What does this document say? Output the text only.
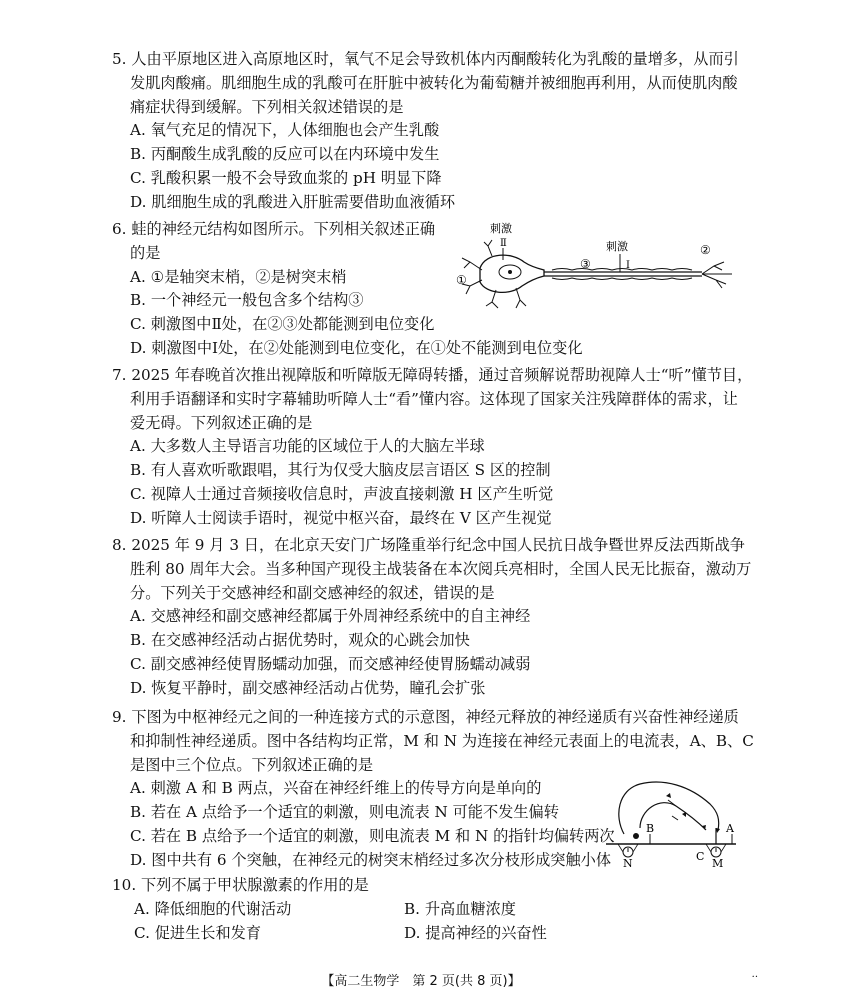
5. 人由平原地区进入高原地区时，氧气不足会导致机体内丙酮酸转化为乳酸的量增多，从而引
发肌肉酸痛。肌细胞生成的乳酸可在肝脏中被转化为葡萄糖并被细胞再利用，从而使肌肉酸
痛症状得到缓解。下列相关叙述错误的是
A. 氧气充足的情况下，人体细胞也会产生乳酸
B. 丙酮酸生成乳酸的反应可以在内环境中发生
C. 乳酸积累一般不会导致血浆的 pH 明显下降
D. 肌细胞生成的乳酸进入肝脏需要借助血液循环
6. 蛙的神经元结构如图所示。下列相关叙述正确
的是
A. ①是轴突末梢，②是树突末梢
B. 一个神经元一般包含多个结构③
C. 刺激图中Ⅱ处，在②③处都能测到电位变化
D. 刺激图中Ⅰ处，在②处能测到电位变化，在①处不能测到电位变化
刺激
Ⅱ	刺激
Ⅰ
①
③
②
7. 2025 年春晚首次推出视障版和听障版无障碍转播，通过音频解说帮助视障人士“听”懂节目，
利用手语翻译和实时字幕辅助听障人士“看”懂内容。这体现了国家关注残障群体的需求，让
爱无碍。下列叙述正确的是
A. 大多数人主导语言功能的区域位于人的大脑左半球
B. 有人喜欢听歌跟唱，其行为仅受大脑皮层言语区 S 区的控制
C. 视障人士通过音频接收信息时，声波直接刺激 H 区产生听觉
D. 听障人士阅读手语时，视觉中枢兴奋，最终在 V 区产生视觉
8. 2025 年 9 月 3 日，在北京天安门广场隆重举行纪念中国人民抗日战争暨世界反法西斯战争
胜利 80 周年大会。当多种国产现役主战装备在本次阅兵亮相时，全国人民无比振奋，激动万
分。下列关于交感神经和副交感神经的叙述，错误的是
A. 交感神经和副交感神经都属于外周神经系统中的自主神经
B. 在交感神经活动占据优势时，观众的心跳会加快
C. 副交感神经使胃肠蠕动加强，而交感神经使胃肠蠕动减弱
D. 恢复平静时，副交感神经活动占优势，瞳孔会扩张
9. 下图为中枢神经元之间的一种连接方式的示意图，神经元释放的神经递质有兴奋性神经递质
和抑制性神经递质。图中各结构均正常，M 和 N 为连接在神经元表面上的电流表，A、B、C
是图中三个位点。下列叙述正确的是
A. 刺激 A 和 B 两点，兴奋在神经纤维上的传导方向是单向的
B. 若在 A 点给予一个适宜的刺激，则电流表 N 可能不发生偏转
C. 若在 B 点给予一个适宜的刺激，则电流表 M 和 N 的指针均偏转两次
D. 图中共有 6 个突触，在神经元的树突末梢经过多次分枝形成突触小体
B	A
C
N	M
10. 下列不属于甲状腺激素的作用的是
A. 降低细胞的代谢活动	B. 升高血糖浓度
C. 促进生长和发育	D. 提高神经的兴奋性
【高二生物学　第 2 页(共 8 页)】	··
